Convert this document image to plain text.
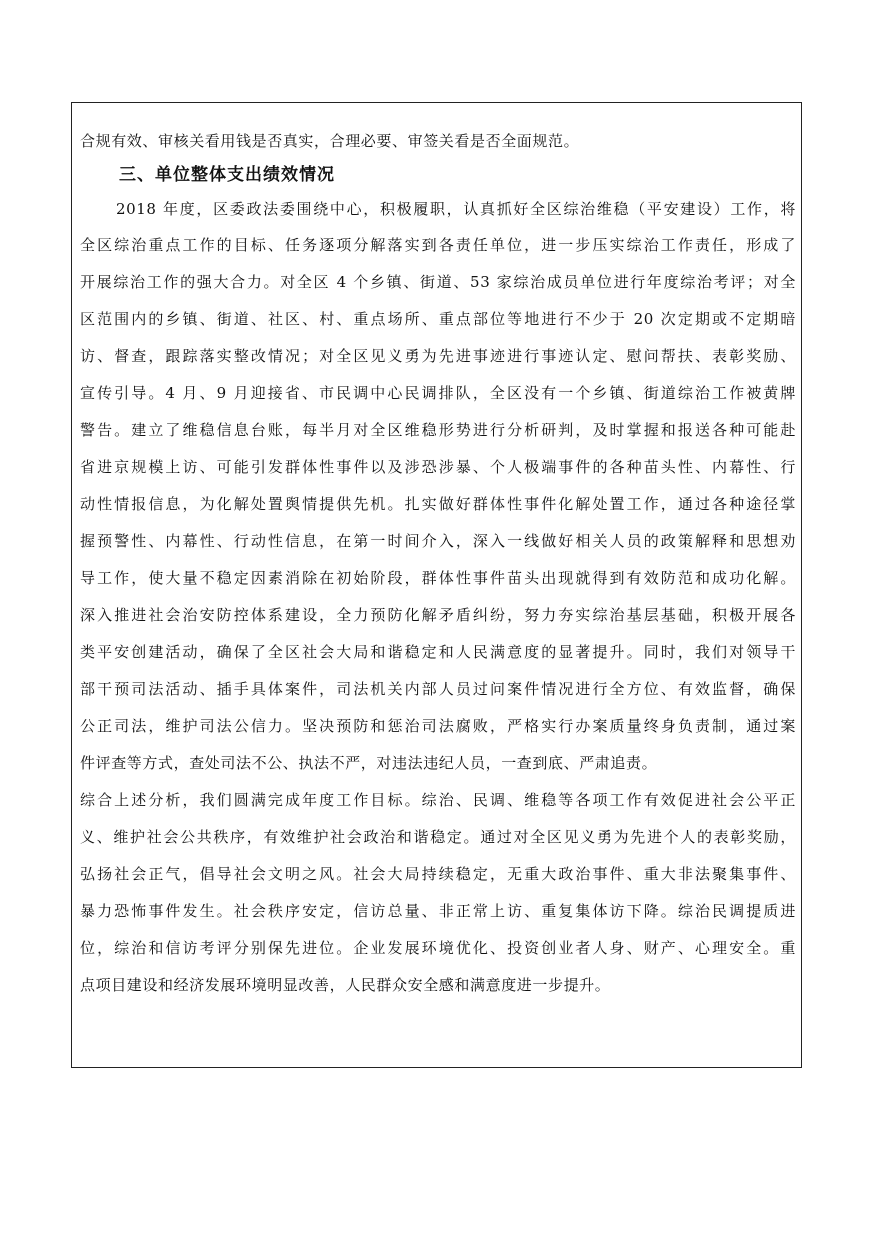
合规有效、审核关看用钱是否真实，合理必要、审签关看是否全面规范。
三、单位整体支出绩效情况
2018 年度，区委政法委围绕中心，积极履职，认真抓好全区综治维稳（平安建设）工作，将
全区综治重点工作的目标、任务逐项分解落实到各责任单位，进一步压实综治工作责任，形成了
开展综治工作的强大合力。对全区 4 个乡镇、街道、53 家综治成员单位进行年度综治考评；对全
区范围内的乡镇、街道、社区、村、重点场所、重点部位等地进行不少于 20 次定期或不定期暗
访、督查，跟踪落实整改情况；对全区见义勇为先进事迹进行事迹认定、慰问帮扶、表彰奖励、
宣传引导。4 月、9 月迎接省、市民调中心民调排队，全区没有一个乡镇、街道综治工作被黄牌
警告。建立了维稳信息台账，每半月对全区维稳形势进行分析研判，及时掌握和报送各种可能赴
省进京规模上访、可能引发群体性事件以及涉恐涉暴、个人极端事件的各种苗头性、内幕性、行
动性情报信息，为化解处置舆情提供先机。扎实做好群体性事件化解处置工作，通过各种途径掌
握预警性、内幕性、行动性信息，在第一时间介入，深入一线做好相关人员的政策解释和思想劝
导工作，使大量不稳定因素消除在初始阶段，群体性事件苗头出现就得到有效防范和成功化解。
深入推进社会治安防控体系建设，全力预防化解矛盾纠纷，努力夯实综治基层基础，积极开展各
类平安创建活动，确保了全区社会大局和谐稳定和人民满意度的显著提升。同时，我们对领导干
部干预司法活动、插手具体案件，司法机关内部人员过问案件情况进行全方位、有效监督，确保
公正司法，维护司法公信力。坚决预防和惩治司法腐败，严格实行办案质量终身负责制，通过案
件评查等方式，查处司法不公、执法不严，对违法违纪人员，一查到底、严肃追责。
综合上述分析，我们圆满完成年度工作目标。综治、民调、维稳等各项工作有效促进社会公平正
义、维护社会公共秩序，有效维护社会政治和谐稳定。通过对全区见义勇为先进个人的表彰奖励，
弘扬社会正气，倡导社会文明之风。社会大局持续稳定，无重大政治事件、重大非法聚集事件、
暴力恐怖事件发生。社会秩序安定，信访总量、非正常上访、重复集体访下降。综治民调提质进
位，综治和信访考评分别保先进位。企业发展环境优化、投资创业者人身、财产、心理安全。重
点项目建设和经济发展环境明显改善，人民群众安全感和满意度进一步提升。
